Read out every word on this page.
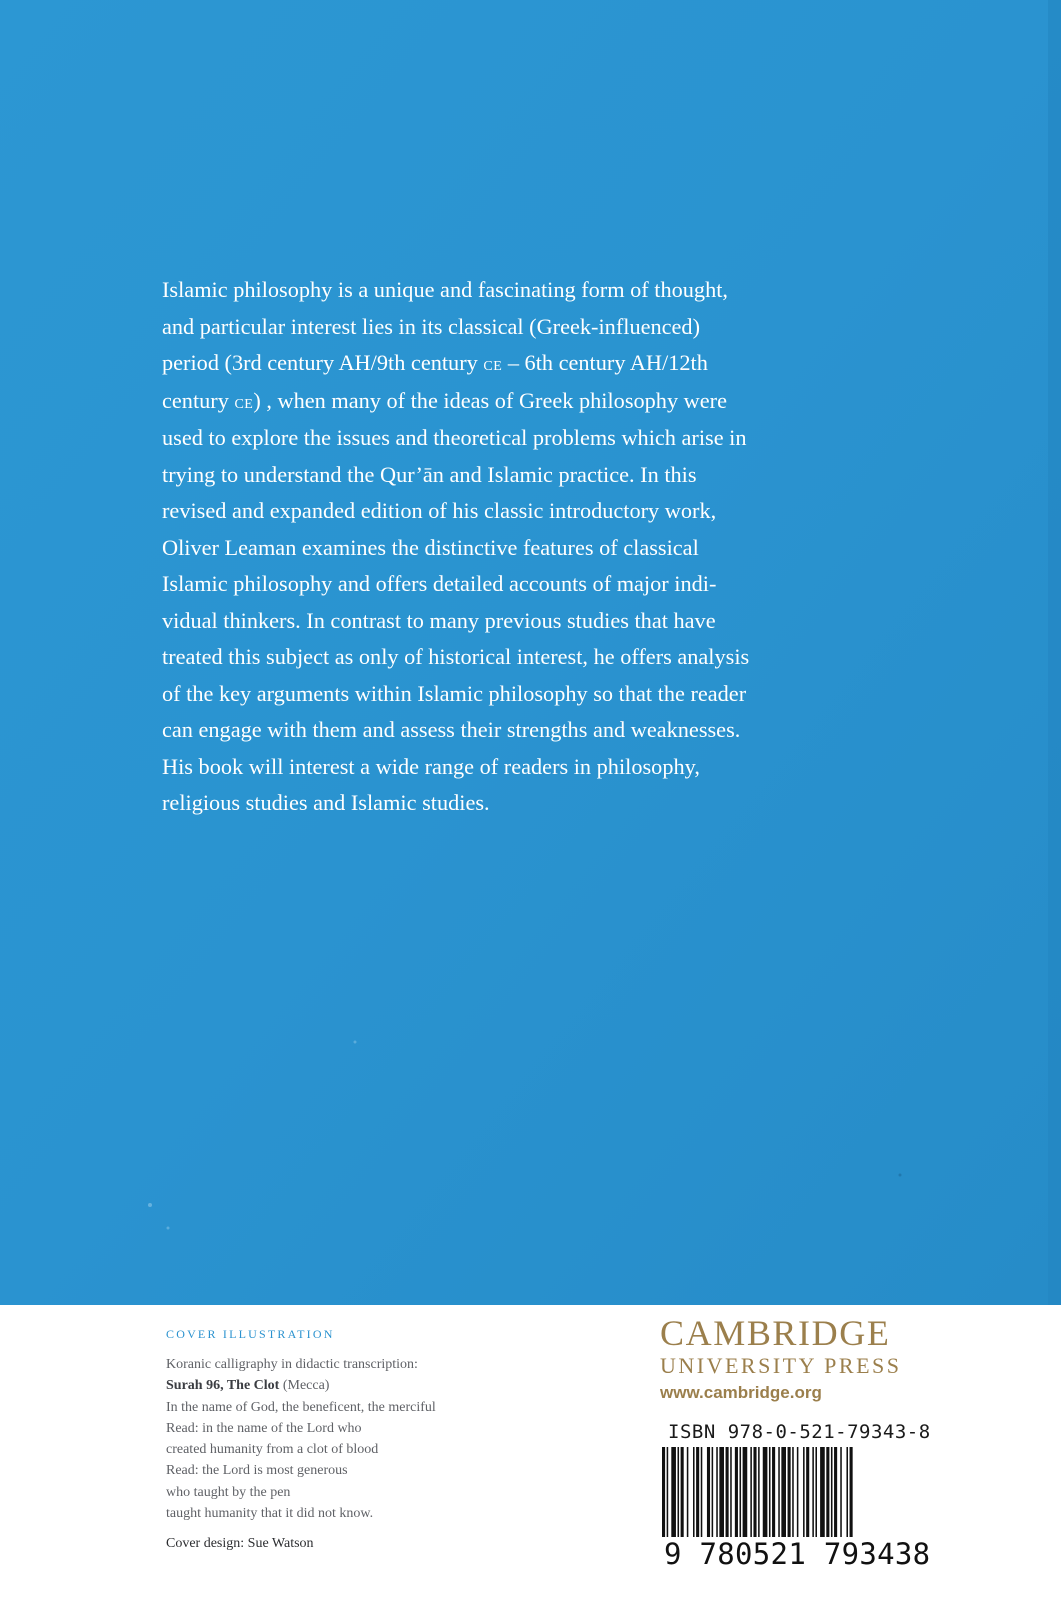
Islamic philosophy is a unique and fascinating form of thought,

and particular interest lies in its classical (Greek-influenced)

period (3rd century AH/9th century ce – 6th century AH/12th

century ce) , when many of the ideas of Greek philosophy were

used to explore the issues and theoretical problems which arise in

trying to understand the Qur’ān and Islamic practice. In this

revised and expanded edition of his classic introductory work,

Oliver Leaman examines the distinctive features of classical

Islamic philosophy and offers detailed accounts of major indi-

vidual thinkers. In contrast to many previous studies that have

treated this subject as only of historical interest, he offers analysis

of the key arguments within Islamic philosophy so that the reader

can engage with them and assess their strengths and weaknesses.

His book will interest a wide range of readers in philosophy,

religious studies and Islamic studies.

COVER ILLUSTRATION

Koranic calligraphy in didactic transcription:

Surah 96, The Clot (Mecca)

In the name of God, the beneficent, the merciful

Read: in the name of the Lord who

created humanity from a clot of blood

Read: the Lord is most generous

who taught by the pen

taught humanity that it did not know.

Cover design: Sue Watson

CAMBRIDGE

UNIVERSITY PRESS

www.cambridge.org

ISBN 978-0-521-79343-8
9 780521 793438
